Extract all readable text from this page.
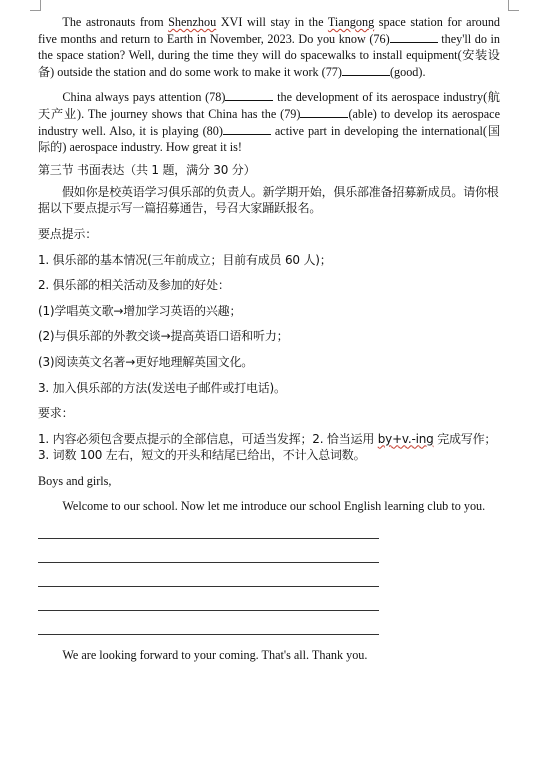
The astronauts from Shenzhou XVI will stay in the Tiangong space station for around five months and return to Earth in November, 2023. Do you know (76)	they'll do in the space station? Well, during the time they will do spacewalks to install equipment(安装设备) outside the station and do some work to make it work (77)	(good).

China always pays attention (78)	the development of its aerospace industry(航天产业). The journey shows that China has the (79)	(able) to develop its aerospace industry well. Also, it is playing (80)	active part in developing the international(国际的) aerospace industry. How great it is!

第三节 书面表达（共 1 题，满分 30 分）

假如你是校英语学习俱乐部的负责人。新学期开始，俱乐部准备招募新成员。请你根据以下要点提示写一篇招募通告，号召大家踊跃报名。

要点提示：

1. 俱乐部的基本情况(三年前成立；目前有成员 60 人)；

2. 俱乐部的相关活动及参加的好处：

(1)学唱英文歌→增加学习英语的兴趣；

(2)与俱乐部的外教交谈→提高英语口语和听力；

(3)阅读英文名著→更好地理解英国文化。

3. 加入俱乐部的方法(发送电子邮件或打电话)。

要求：

1. 内容必须包含要点提示的全部信息，可适当发挥；2. 恰当运用 by+v.-ing 完成写作；3. 词数 100 左右，短文的开头和结尾已给出，不计入总词数。

Boys and girls,

Welcome to our school. Now let me introduce our school English learning club to you.

We are looking forward to your coming. That's all. Thank you.
